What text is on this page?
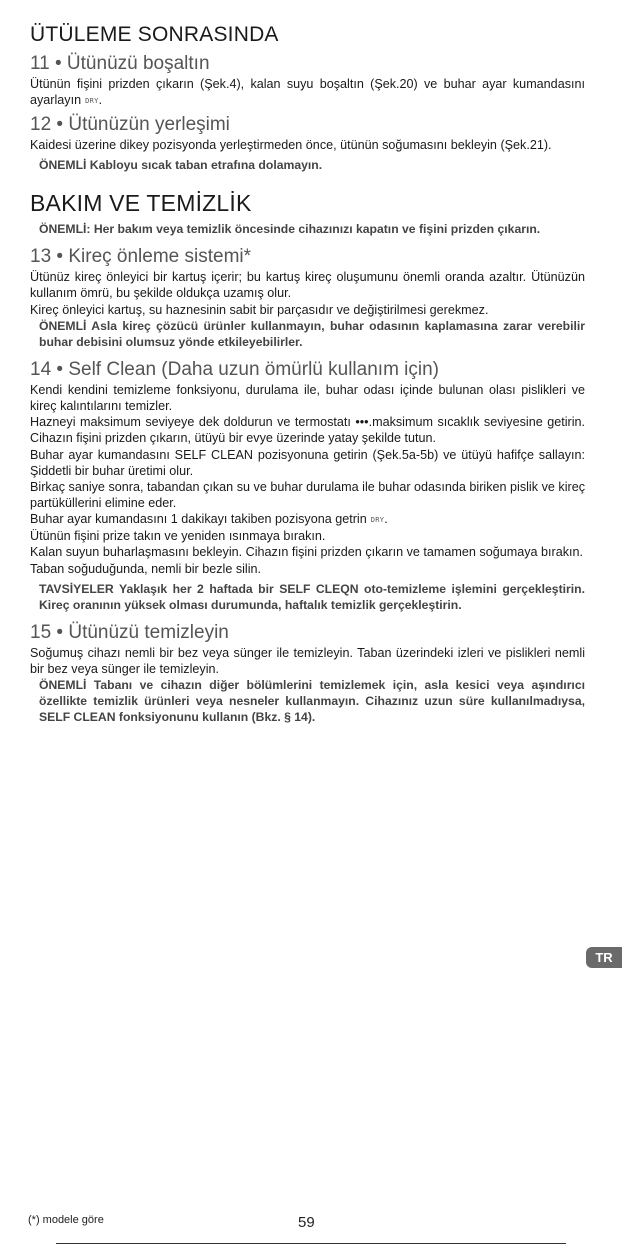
ÜTÜLEME SONRASINDA
11 • Ütünüzü boşaltın

Ütünün fişini prizden çıkarın (Şek.4), kalan suyu boşaltın (Şek.20) ve buhar ayar kumandasını ayarlayın DRY.

12 • Ütünüzün yerleşimi

Kaidesi üzerine dikey pozisyonda yerleştirmeden önce, ütünün soğumasını bekleyin (Şek.21).

ÖNEMLİ Kabloyu sıcak taban etrafına dolamayın.

BAKIM VE TEMİZLİK

ÖNEMLİ: Her bakım veya temizlik öncesinde cihazınızı kapatın ve fişini prizden çıkarın.

13 • Kireç önleme sistemi*

Ütünüz kireç önleyici bir kartuş içerir; bu kartuş kireç oluşumunu önemli oranda azaltır. Ütünüzün kullanım ömrü, bu şekilde oldukça uzamış olur.

Kireç önleyici kartuş, su haznesinin sabit bir parçasıdır ve değiştirilmesi gerekmez.

ÖNEMLİ Asla kireç çözücü ürünler kullanmayın, buhar odasının kaplamasına zarar verebilir buhar debisini olumsuz yönde etkileyebilirler.

14 • Self Clean (Daha uzun ömürlü kullanım için)

Kendi kendini temizleme fonksiyonu, durulama ile, buhar odası içinde bulunan olası pislikleri ve kireç kalıntılarını temizler.

Hazneyi maksimum seviyeye dek doldurun ve termostatı •••.maksimum sıcaklık seviyesine getirin. Cihazın fişini prizden çıkarın, ütüyü bir evye üzerinde yatay şekilde tutun.

Buhar ayar kumandasını SELF CLEAN pozisyonuna getirin (Şek.5a-5b) ve ütüyü hafifçe sallayın: Şiddetli bir buhar üretimi olur.

Birkaç saniye sonra, tabandan çıkan su ve buhar durulama ile buhar odasında biriken pislik ve kireç partüküllerini elimine eder.

Buhar ayar kumandasını 1 dakikayı takiben pozisyona getrin DRY.

Ütünün fişini prize takın ve yeniden ısınmaya bırakın.

Kalan suyun buharlaşmasını bekleyin. Cihazın fişini prizden çıkarın ve tamamen soğumaya bırakın.

Taban soğuduğunda, nemli bir bezle silin.

TAVSİYELER Yaklaşık her 2 haftada bir SELF CLEQN oto-temizleme işlemini gerçekleştirin. Kireç oranının yüksek olması durumunda, haftalık temizlik gerçekleştirin.

15 • Ütünüzü temizleyin

Soğumuş cihazı nemli bir bez veya sünger ile temizleyin. Taban üzerindeki izleri ve pislikleri nemli bir bez veya sünger ile temizleyin.

ÖNEMLİ Tabanı ve cihazın diğer bölümlerini temizlemek için, asla kesici veya aşındırıcı özellikte temizlik ürünleri veya nesneler kullanmayın. Cihazınız uzun süre kullanılmadıysa, SELF CLEAN fonksiyonunu kullanın (Bkz. § 14).

TR
(*) modele göre	59
